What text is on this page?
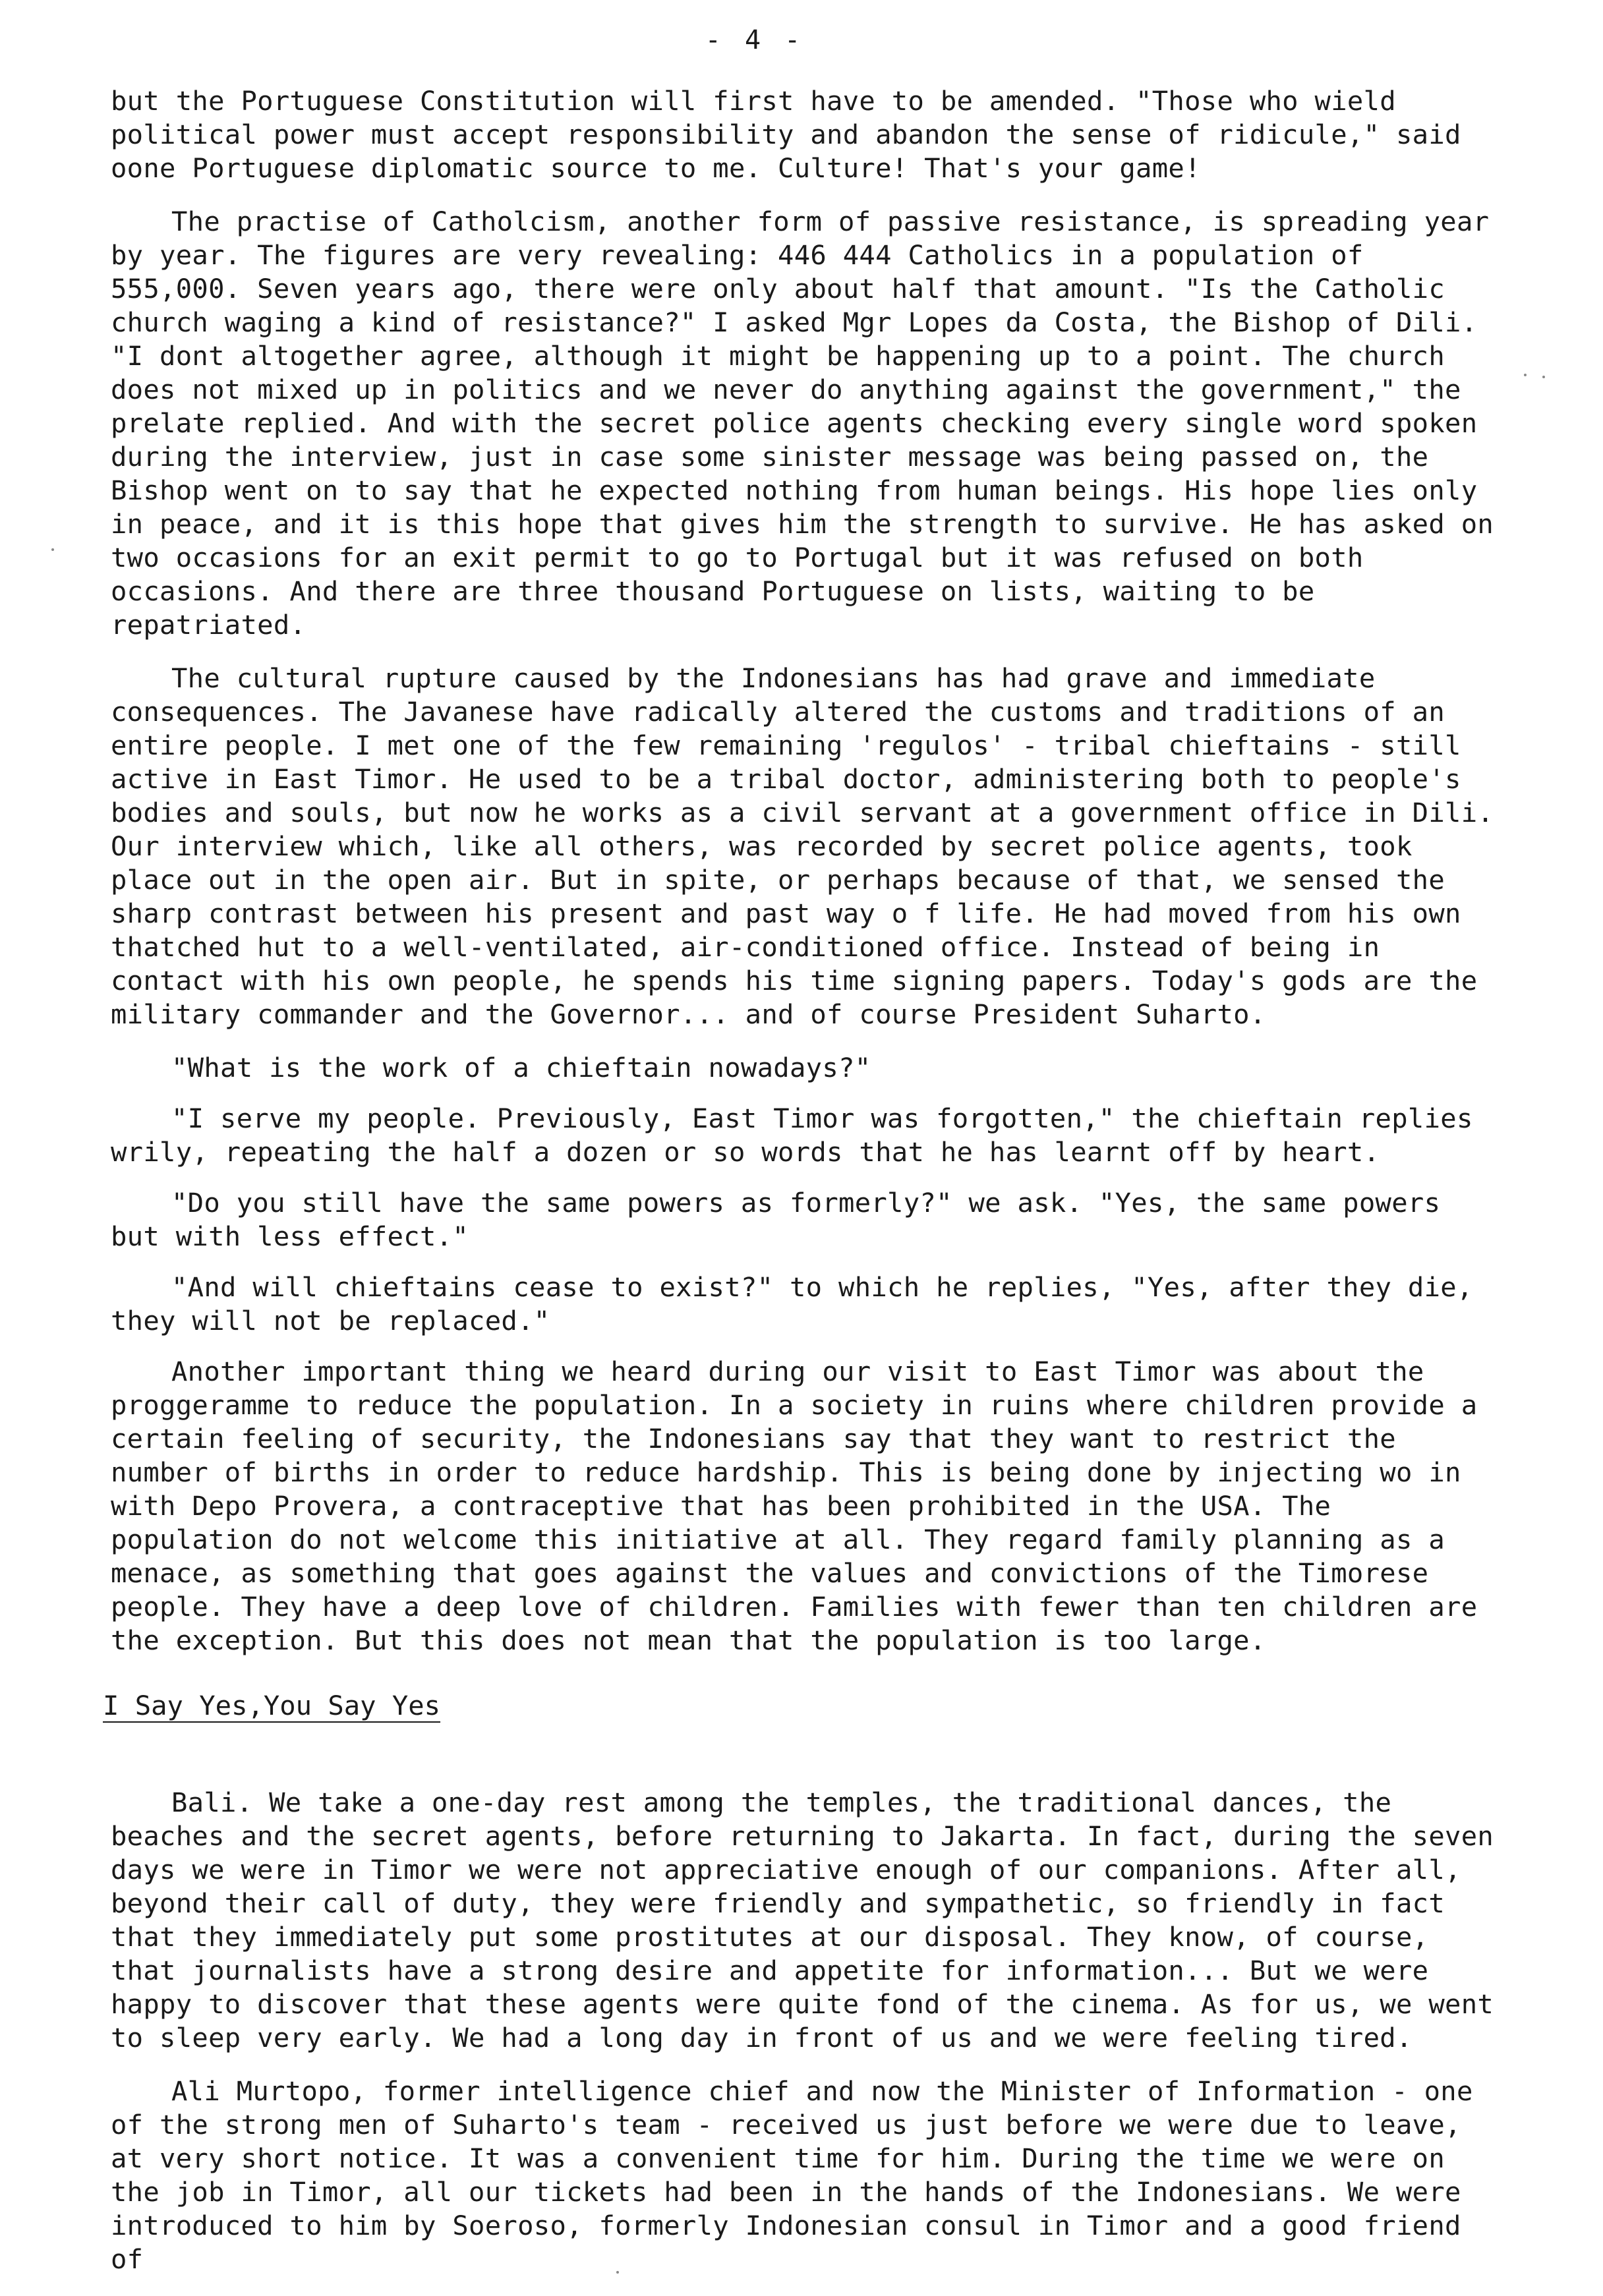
- 4 -

but the Portuguese Constitution will first have to be amended. "Those who wield political power must accept responsibility and abandon the sense of ridicule," said oone Portuguese diplomatic source to me. Culture! That's your game!

The practise of Catholcism, another form of passive resistance, is spreading year by year. The figures are very revealing: 446 444 Catholics in a population of 555,000. Seven years ago, there were only about half that amount. "Is the Catholic church waging a kind of resistance?" I asked Mgr Lopes da Costa, the Bishop of Dili. "I dont altogether agree, although it might be happening up to a point. The church does not mixed up in politics and we never do anything against the government," the prelate replied. And with the secret police agents checking every single word spoken during the interview, just in case some sinister message was being passed on, the Bishop went on to say that he expected nothing from human beings. His hope lies only in peace, and it is this hope that gives him the strength to survive. He has asked on two occasions for an exit permit to go to Portugal but it was refused on both occasions. And there are three thousand Portuguese on lists, waiting to be repatriated.

The cultural rupture caused by the Indonesians has had grave and immediate consequences. The Javanese have radically altered the customs and traditions of an entire people. I met one of the few remaining 'regulos' - tribal chieftains - still active in East Timor. He used to be a tribal doctor, administering both to people's bodies and souls, but now he works as a civil servant at a government office in Dili. Our interview which, like all others, was recorded by secret police agents, took place out in the open air. But in spite, or perhaps because of that, we sensed the sharp contrast between his present and past way o f life. He had moved from his own thatched hut to a well-ventilated, air-conditioned office. Instead of being in contact with his own people, he spends his time signing papers. Today's gods are the military commander and the Governor... and of course President Suharto.

"What is the work of a chieftain nowadays?"

"I serve my people. Previously, East Timor was forgotten," the chieftain replies wrily, repeating the half a dozen or so words that he has learnt off by heart.

"Do you still have the same powers as formerly?" we ask. "Yes, the same powers but with less effect."

"And will chieftains cease to exist?" to which he replies, "Yes, after they die, they will not be replaced."

Another important thing we heard during our visit to East Timor was about the proggeramme to reduce the population. In a society in ruins where children provide a certain feeling of security, the Indonesians say that they want to restrict the number of births in order to reduce hardship. This is being done by injecting wo in with Depo Provera, a contraceptive that has been prohibited in the USA. The population do not welcome this initiative at all. They regard family planning as a menace, as something that goes against the values and convictions of the Timorese people. They have a deep love of children. Families with fewer than ten children are the exception. But this does not mean that the population is too large.

I Say Yes,You Say Yes

Bali. We take a one-day rest among the temples, the traditional dances, the beaches and the secret agents, before returning to Jakarta. In fact, during the seven days we were in Timor we were not appreciative enough of our companions. After all, beyond their call of duty, they were friendly and sympathetic, so friendly in fact that they immediately put some prostitutes at our disposal. They know, of course, that journalists have a strong desire and appetite for information... But we were happy to discover that these agents were quite fond of the cinema. As for us, we went to sleep very early. We had a long day in front of us and we were feeling tired.

Ali Murtopo, former intelligence chief and now the Minister of Information - one of the strong men of Suharto's team - received us just before we were due to leave, at very short notice. It was a convenient time for him. During the time we were on the job in Timor, all our tickets had been in the hands of the Indonesians. We were introduced to him by Soeroso, formerly Indonesian consul in Timor and a good friend of
